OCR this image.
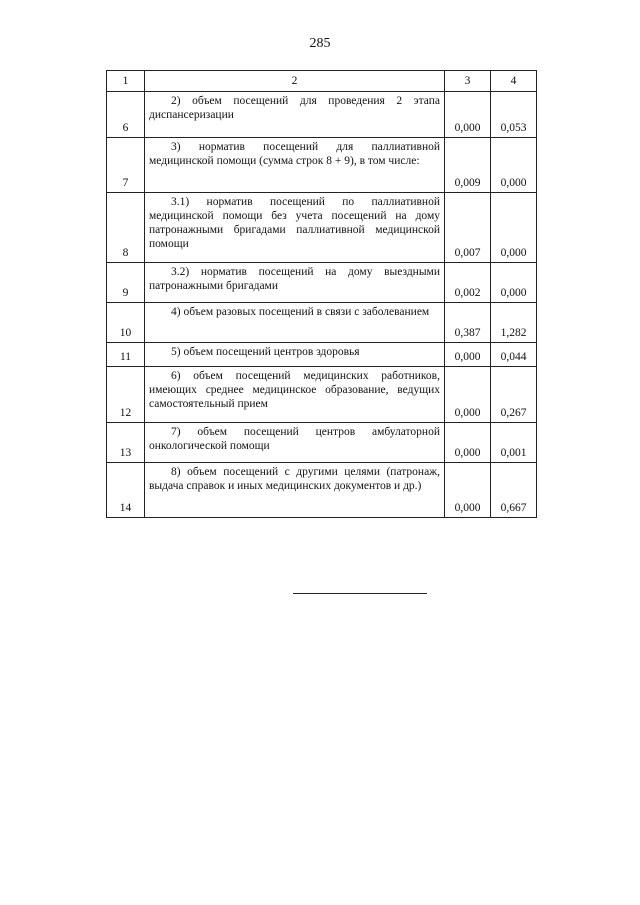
285
1	2	3	4
6	2) объем посещений для проведения 2 этапа диспансеризации	0,000	0,053
7	3) норматив посещений для паллиативной медицинской помощи (сумма строк 8 + 9), в том числе:	0,009	0,000
8	3.1) норматив посещений по паллиативной медицинской помощи без учета посещений на дому патронажными бригадами паллиативной медицинской помощи	0,007	0,000
9	3.2) норматив посещений на дому выездными патронажными бригадами	0,002	0,000
10	4) объем разовых посещений в связи с заболеванием	0,387	1,282
11	5) объем посещений центров здоровья	0,000	0,044
12	6) объем посещений медицинских работников, имеющих среднее медицинское образование, ведущих самостоятельный прием	0,000	0,267
13	7) объем посещений центров амбулаторной онкологической помощи	0,000	0,001
14	8) объем посещений с другими целями (патронаж, выдача справок и иных медицинских документов и др.)	0,000	0,667
